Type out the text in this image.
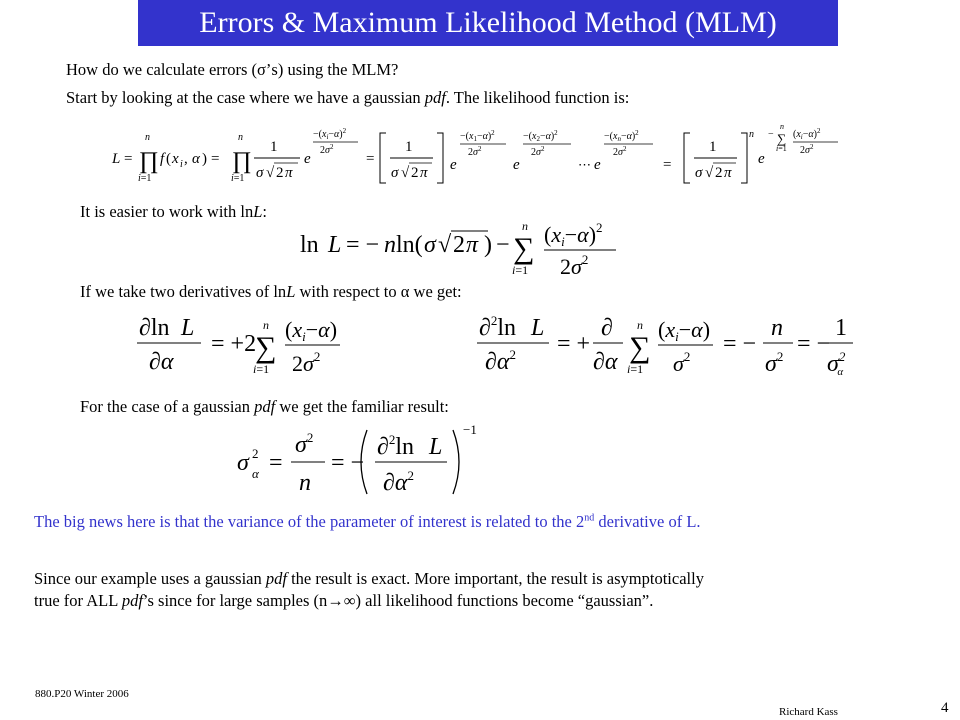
Errors & Maximum Likelihood Method (MLM)
How do we calculate errors (σ’s) using the MLM?
Start by looking at the case where we have a gaussian pdf. The likelihood function is:
L =
n
∏
i=1
f ( x i , α ) =
n
∏
i=1
1
σ √ 2 π
e
$-(x_i-\alpha)^2$
$2\sigma^2$
=
1
σ √ 2 π e
$-(x_1-\alpha)^2$
$2\sigma^2$
e
$-(x_2-\alpha)^2$
$2\sigma^2$
⋯ e
$-(x_n-\alpha)^2$
$2\sigma^2$
=
1
σ √ 2 π
n
e
−
n
∑
i=1
$(x_i-\alpha)^2$
$2\sigma^2$
It is easier to work with lnL:
ln L = − n ln( σ √ 2 π ) −
n
∑
i=1
$(xi-\alpha)^2$
$2\sigma^2$
If we take two derivatives of lnL with respect to α we get:
∂ln L
∂α
= +2
n
∑
i=1
(xi−α)
$2\sigma^2$
∂$^2$ln L
$\partial\alpha^2$ = +
∂
∂α
n
∑
i=1
(xi−α)
$\sigma^2$ = −
n
$\sigma^2$ = −
1
$\sigma^2$ α
For the case of a gaussian pdf we get the familiar result:
σ 2
α =
$\sigma^2$
n
= −
∂$^2$ln L
$\partial\alpha^2$
−1
The big news here is that the variance of the parameter of interest is related to the 2nd derivative of L.
Since our example uses a gaussian pdf the result is exact. More important, the result is asymptotically
true for ALL pdf’s since for large samples (n→∞) all likelihood functions become “gaussian”.
880.P20 Winter 2006
Richard Kass	4
